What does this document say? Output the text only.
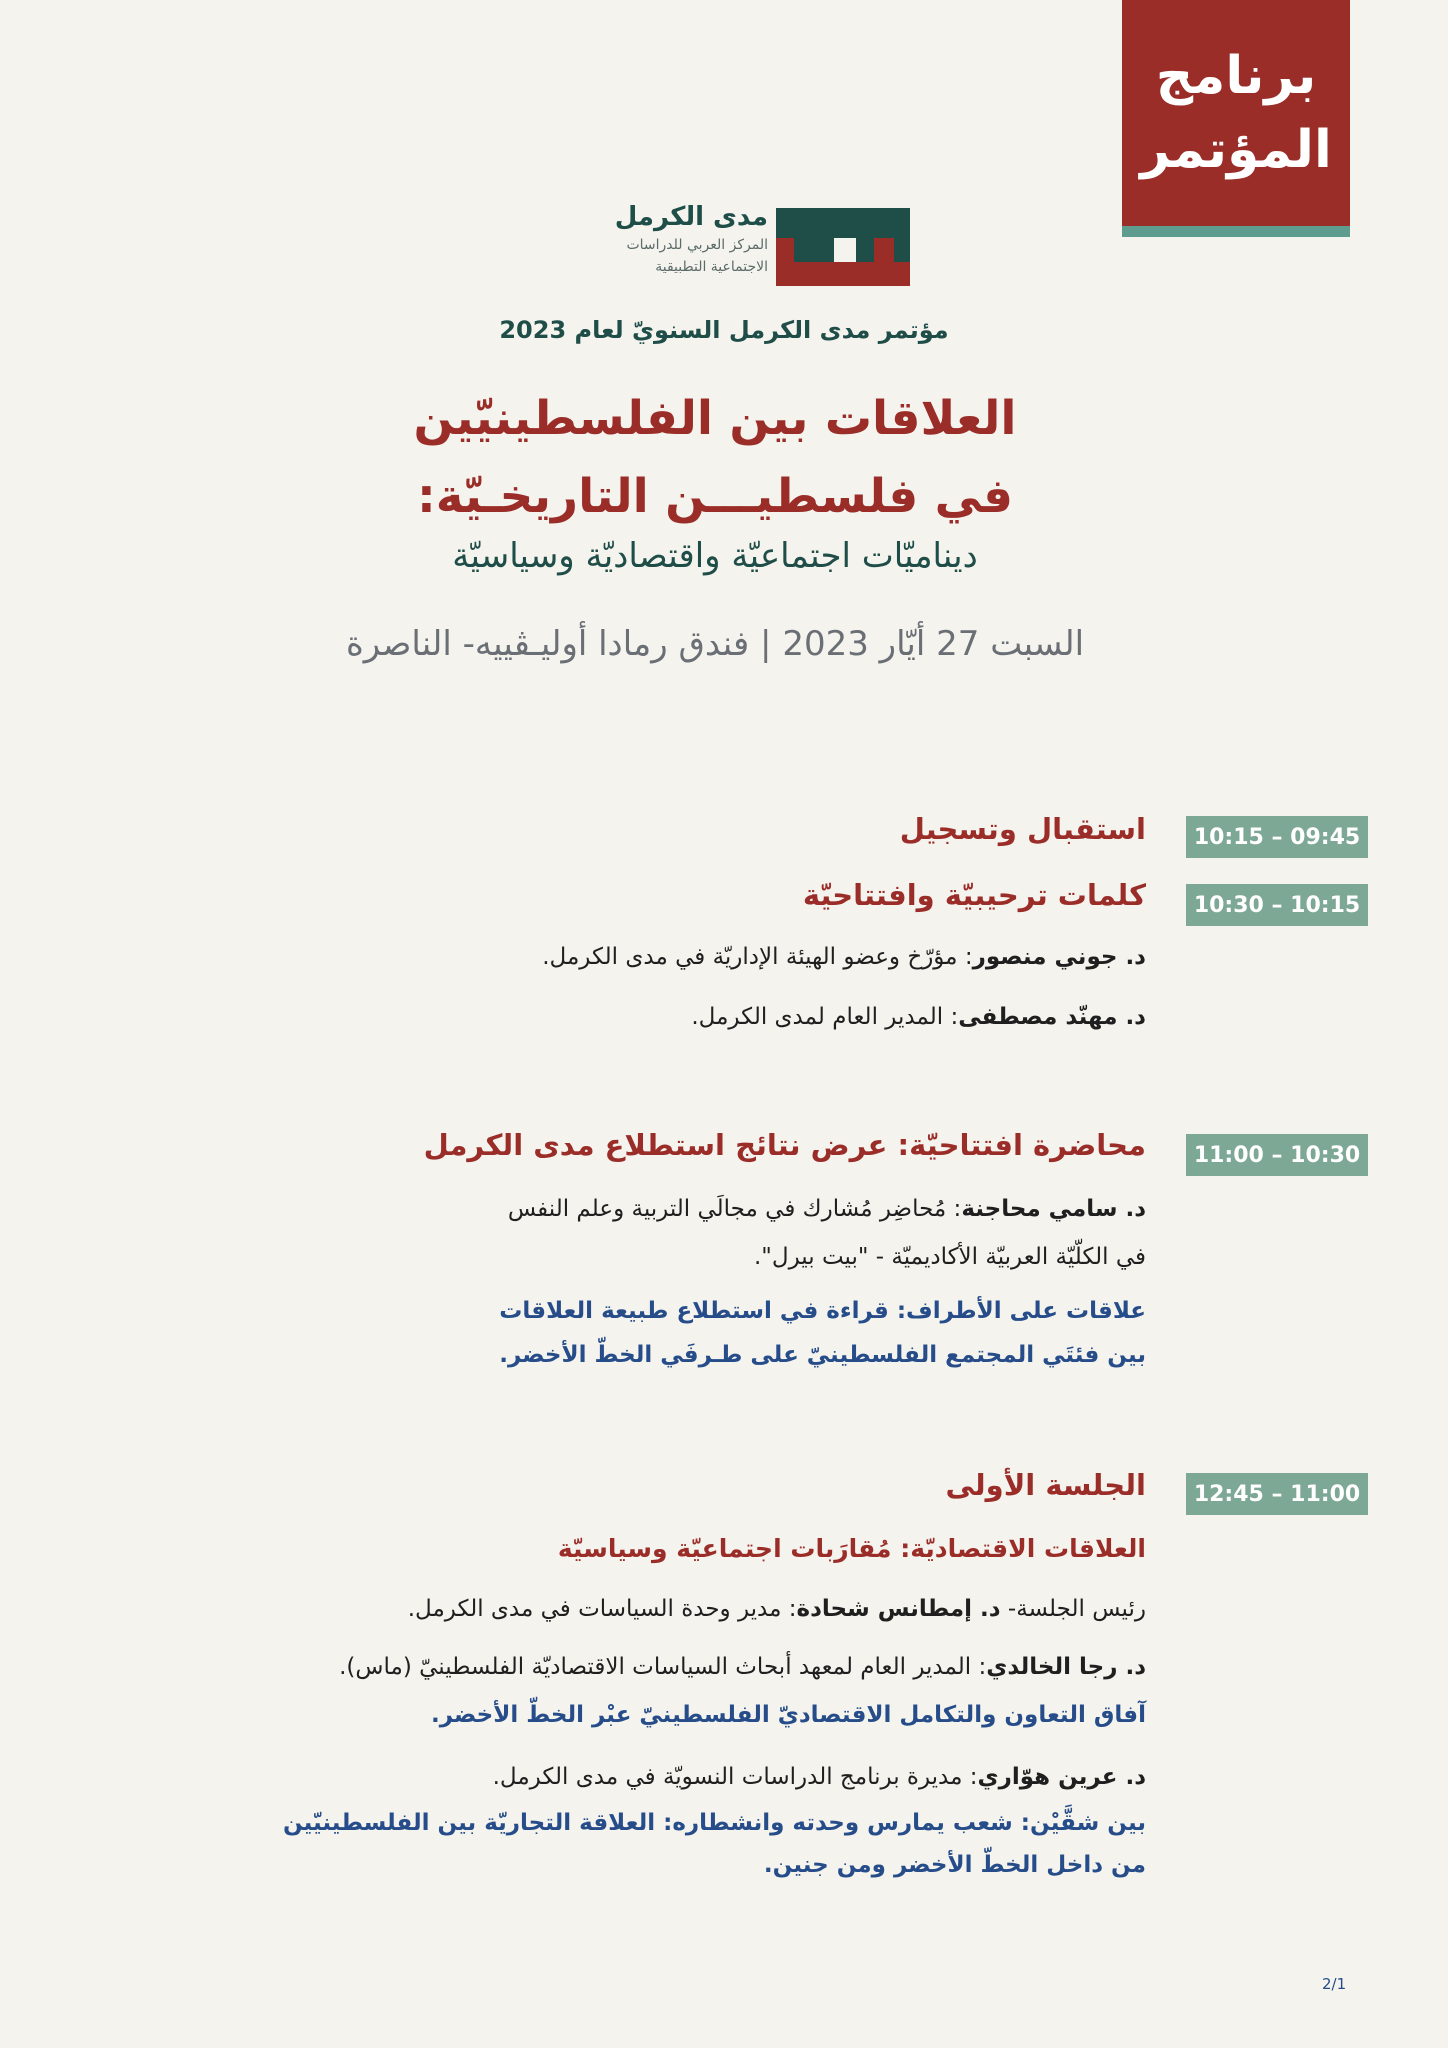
برنامج
المؤتمر
مدى الكرمل
المركز العربي للدراسات
الاجتماعية التطبيقية
مؤتمر مدى الكرمل السنويّ لعام 2023
العلاقات بين الفلسطينيّين
في فلسطيـــن التاريخـيّة:
ديناميّات اجتماعيّة واقتصاديّة وسياسيّة
السبت 27 أيّار 2023 | فندق رمادا أوليـڤييه- الناصرة
10:15 – 09:45
استقبال وتسجيل
10:30 – 10:15
كلمات ترحيبيّة وافتتاحيّة
د. جوني منصور: مؤرّخ وعضو الهيئة الإداريّة في مدى الكرمل.
د. مهنّد مصطفى: المدير العام لمدى الكرمل.
11:00 – 10:30
محاضرة افتتاحيّة: عرض نتائج استطلاع مدى الكرمل
د. سامي محاجنة: مُحاضِر مُشارك في مجالَي التربية وعلم النفس
في الكلّيّة العربيّة الأكاديميّة - "بيت بيرل".
علاقات على الأطراف: قراءة في استطلاع طبيعة العلاقات
بين فئتَي المجتمع الفلسطينيّ على طـرفَي الخطّ الأخضر.
12:45 – 11:00
الجلسة الأولى
العلاقات الاقتصاديّة: مُقارَبات اجتماعيّة وسياسيّة
رئيس الجلسة- د. إمطانس شحادة: مدير وحدة السياسات في مدى الكرمل.
د. رجا الخالدي: المدير العام لمعهد أبحاث السياسات الاقتصاديّة الفلسطينيّ (ماس).
آفاق التعاون والتكامل الاقتصاديّ الفلسطينيّ عبْر الخطّ الأخضر.
د. عرين هوّاري: مديرة برنامج الدراسات النسويّة في مدى الكرمل.
بين شقَّيْن: شعب يمارس وحدته وانشطاره: العلاقة التجاريّة بين الفلسطينيّين
من داخل الخطّ الأخضر ومن جنين.
2/1
